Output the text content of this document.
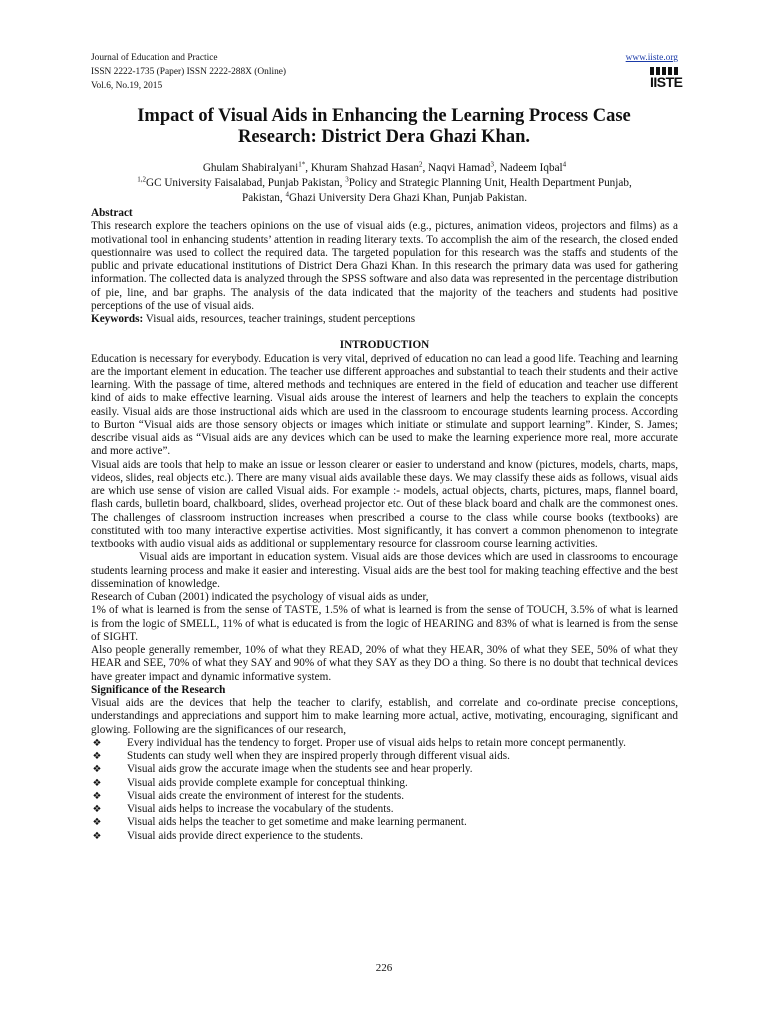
Journal of Education and Practice
ISSN 2222-1735 (Paper) ISSN 2222-288X (Online)
Vol.6, No.19, 2015
www.iiste.org
IISTE
Impact of Visual Aids in Enhancing the Learning Process Case
Research: District Dera Ghazi Khan.
Ghulam Shabiralyani$^{1*}$, Khuram Shahzad Hasan$^2$, Naqvi Hamad$^3$, Nadeem Iqbal$^4$
$^{1,2}$GC University Faisalabad, Punjab Pakistan, $^3$Policy and Strategic Planning Unit, Health Department Punjab,
Pakistan, $^4$Ghazi University Dera Ghazi Khan, Punjab Pakistan.

Abstract

This research explore the teachers opinions on the use of visual aids (e.g., pictures, animation videos, projectors and films) as a motivational tool in enhancing students’ attention in reading literary texts. To accomplish the aim of the research, the closed ended questionnaire was used to collect the required data. The targeted population for this research was the staffs and students of the public and private educational institutions of District Dera Ghazi Khan. In this research the primary data was used for gathering information. The collected data is analyzed through the SPSS software and also data was represented in the percentage distribution of pie, line, and bar graphs. The analysis of the data indicated that the majority of the teachers and students had positive perceptions of the use of visual aids.

Keywords: Visual aids, resources, teacher trainings, student perceptions

INTRODUCTION

Education is necessary for everybody. Education is very vital, deprived of education no can lead a good life. Teaching and learning are the important element in education. The teacher use different approaches and substantial to teach their students and their active learning. With the passage of time, altered methods and techniques are entered in the field of education and teacher use different kind of aids to make effective learning. Visual aids arouse the interest of learners and help the teachers to explain the concepts easily. Visual aids are those instructional aids which are used in the classroom to encourage students learning process. According to Burton “Visual aids are those sensory objects or images which initiate or stimulate and support learning”. Kinder, S. James; describe visual aids as “Visual aids are any devices which can be used to make the learning experience more real, more accurate and more active”.

Visual aids are tools that help to make an issue or lesson clearer or easier to understand and know (pictures, models, charts, maps, videos, slides, real objects etc.). There are many visual aids available these days. We may classify these aids as follows, visual aids are which use sense of vision are called Visual aids. For example :- models, actual objects, charts, pictures, maps, flannel board, flash cards, bulletin board, chalkboard, slides, overhead projector etc. Out of these black board and chalk are the commonest ones. The challenges of classroom instruction increases when prescribed a course to the class while course books (textbooks) are constituted with too many interactive expertise activities. Most significantly, it has convert a common phenomenon to integrate textbooks with audio visual aids as additional or supplementary resource for classroom course learning activities.

Visual aids are important in education system. Visual aids are those devices which are used in classrooms to encourage students learning process and make it easier and interesting. Visual aids are the best tool for making teaching effective and the best dissemination of knowledge.

Research of Cuban (2001) indicated the psychology of visual aids as under,

1% of what is learned is from the sense of TASTE, 1.5% of what is learned is from the sense of TOUCH, 3.5% of what is learned is from the logic of SMELL, 11% of what is educated is from the logic of HEARING and 83% of what is learned is from the sense of SIGHT.

Also people generally remember, 10% of what they READ, 20% of what they HEAR, 30% of what they SEE, 50% of what they HEAR and SEE, 70% of what they SAY and 90% of what they SAY as they DO a thing. So there is no doubt that technical devices have greater impact and dynamic informative system.

Significance of the Research

Visual aids are the devices that help the teacher to clarify, establish, and correlate and co-ordinate precise conceptions, understandings and appreciations and support him to make learning more actual, active, motivating, encouraging, significant and glowing. Following are the significances of our research,

❖ Every individual has the tendency to forget. Proper use of visual aids helps to retain more concept permanently.
❖ Students can study well when they are inspired properly through different visual aids.
❖ Visual aids grow the accurate image when the students see and hear properly.
❖ Visual aids provide complete example for conceptual thinking.
❖ Visual aids create the environment of interest for the students.
❖ Visual aids helps to increase the vocabulary of the students.
❖ Visual aids helps the teacher to get sometime and make learning permanent.
❖ Visual aids provide direct experience to the students.
226
